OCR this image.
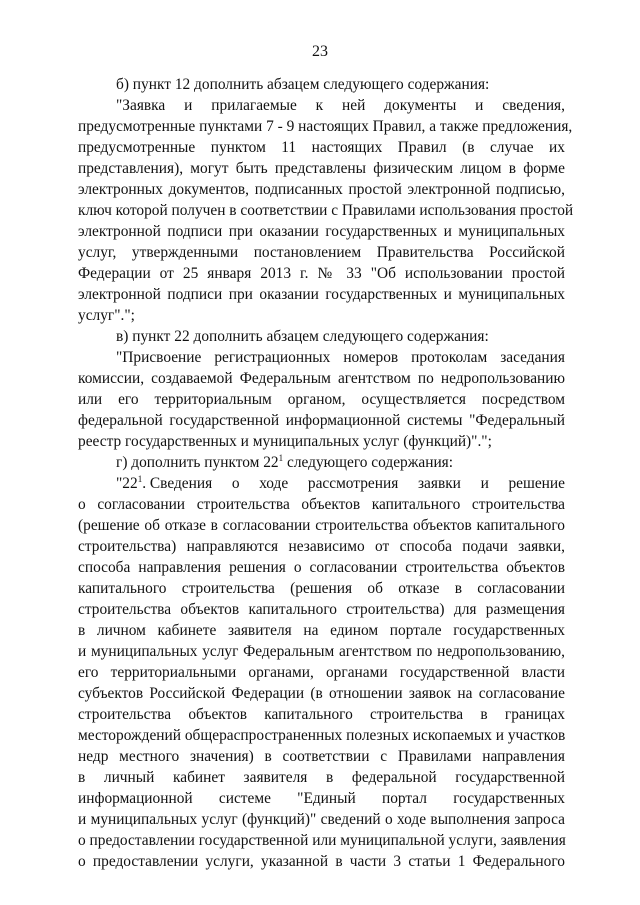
23
б) пункт 12 дополнить абзацем следующего содержания:
"Заявка и прилагаемые к ней документы и сведения,
предусмотренные пунктами 7 - 9 настоящих Правил, а также предложения,
предусмотренные пунктом 11 настоящих Правил (в случае их
представления), могут быть представлены физическим лицом в форме
электронных документов, подписанных простой электронной подписью,
ключ которой получен в соответствии с Правилами использования простой
электронной подписи при оказании государственных и муниципальных
услуг, утвержденными постановлением Правительства Российской
Федерации от 25 января 2013 г. № 33 "Об использовании простой
электронной подписи при оказании государственных и муниципальных
услуг".";
в) пункт 22 дополнить абзацем следующего содержания:
"Присвоение регистрационных номеров протоколам заседания
комиссии, создаваемой Федеральным агентством по недропользованию
или его территориальным органом, осуществляется посредством
федеральной государственной информационной системы "Федеральный
реестр государственных и муниципальных услуг (функций)".";
г) дополнить пунктом $22^1$ следующего содержания:
"$22^1$. Сведения о ходе рассмотрения заявки и решение
о согласовании строительства объектов капитального строительства
(решение об отказе в согласовании строительства объектов капитального
строительства) направляются независимо от способа подачи заявки,
способа направления решения о согласовании строительства объектов
капитального строительства (решения об отказе в согласовании
строительства объектов капитального строительства) для размещения
в личном кабинете заявителя на едином портале государственных
и муниципальных услуг Федеральным агентством по недропользованию,
его территориальными органами, органами государственной власти
субъектов Российской Федерации (в отношении заявок на согласование
строительства объектов капитального строительства в границах
месторождений общераспространенных полезных ископаемых и участков
недр местного значения) в соответствии с Правилами направления
в личный кабинет заявителя в федеральной государственной
информационной системе "Единый портал государственных
и муниципальных услуг (функций)" сведений о ходе выполнения запроса
о предоставлении государственной или муниципальной услуги, заявления
о предоставлении услуги, указанной в части 3 статьи 1 Федерального
